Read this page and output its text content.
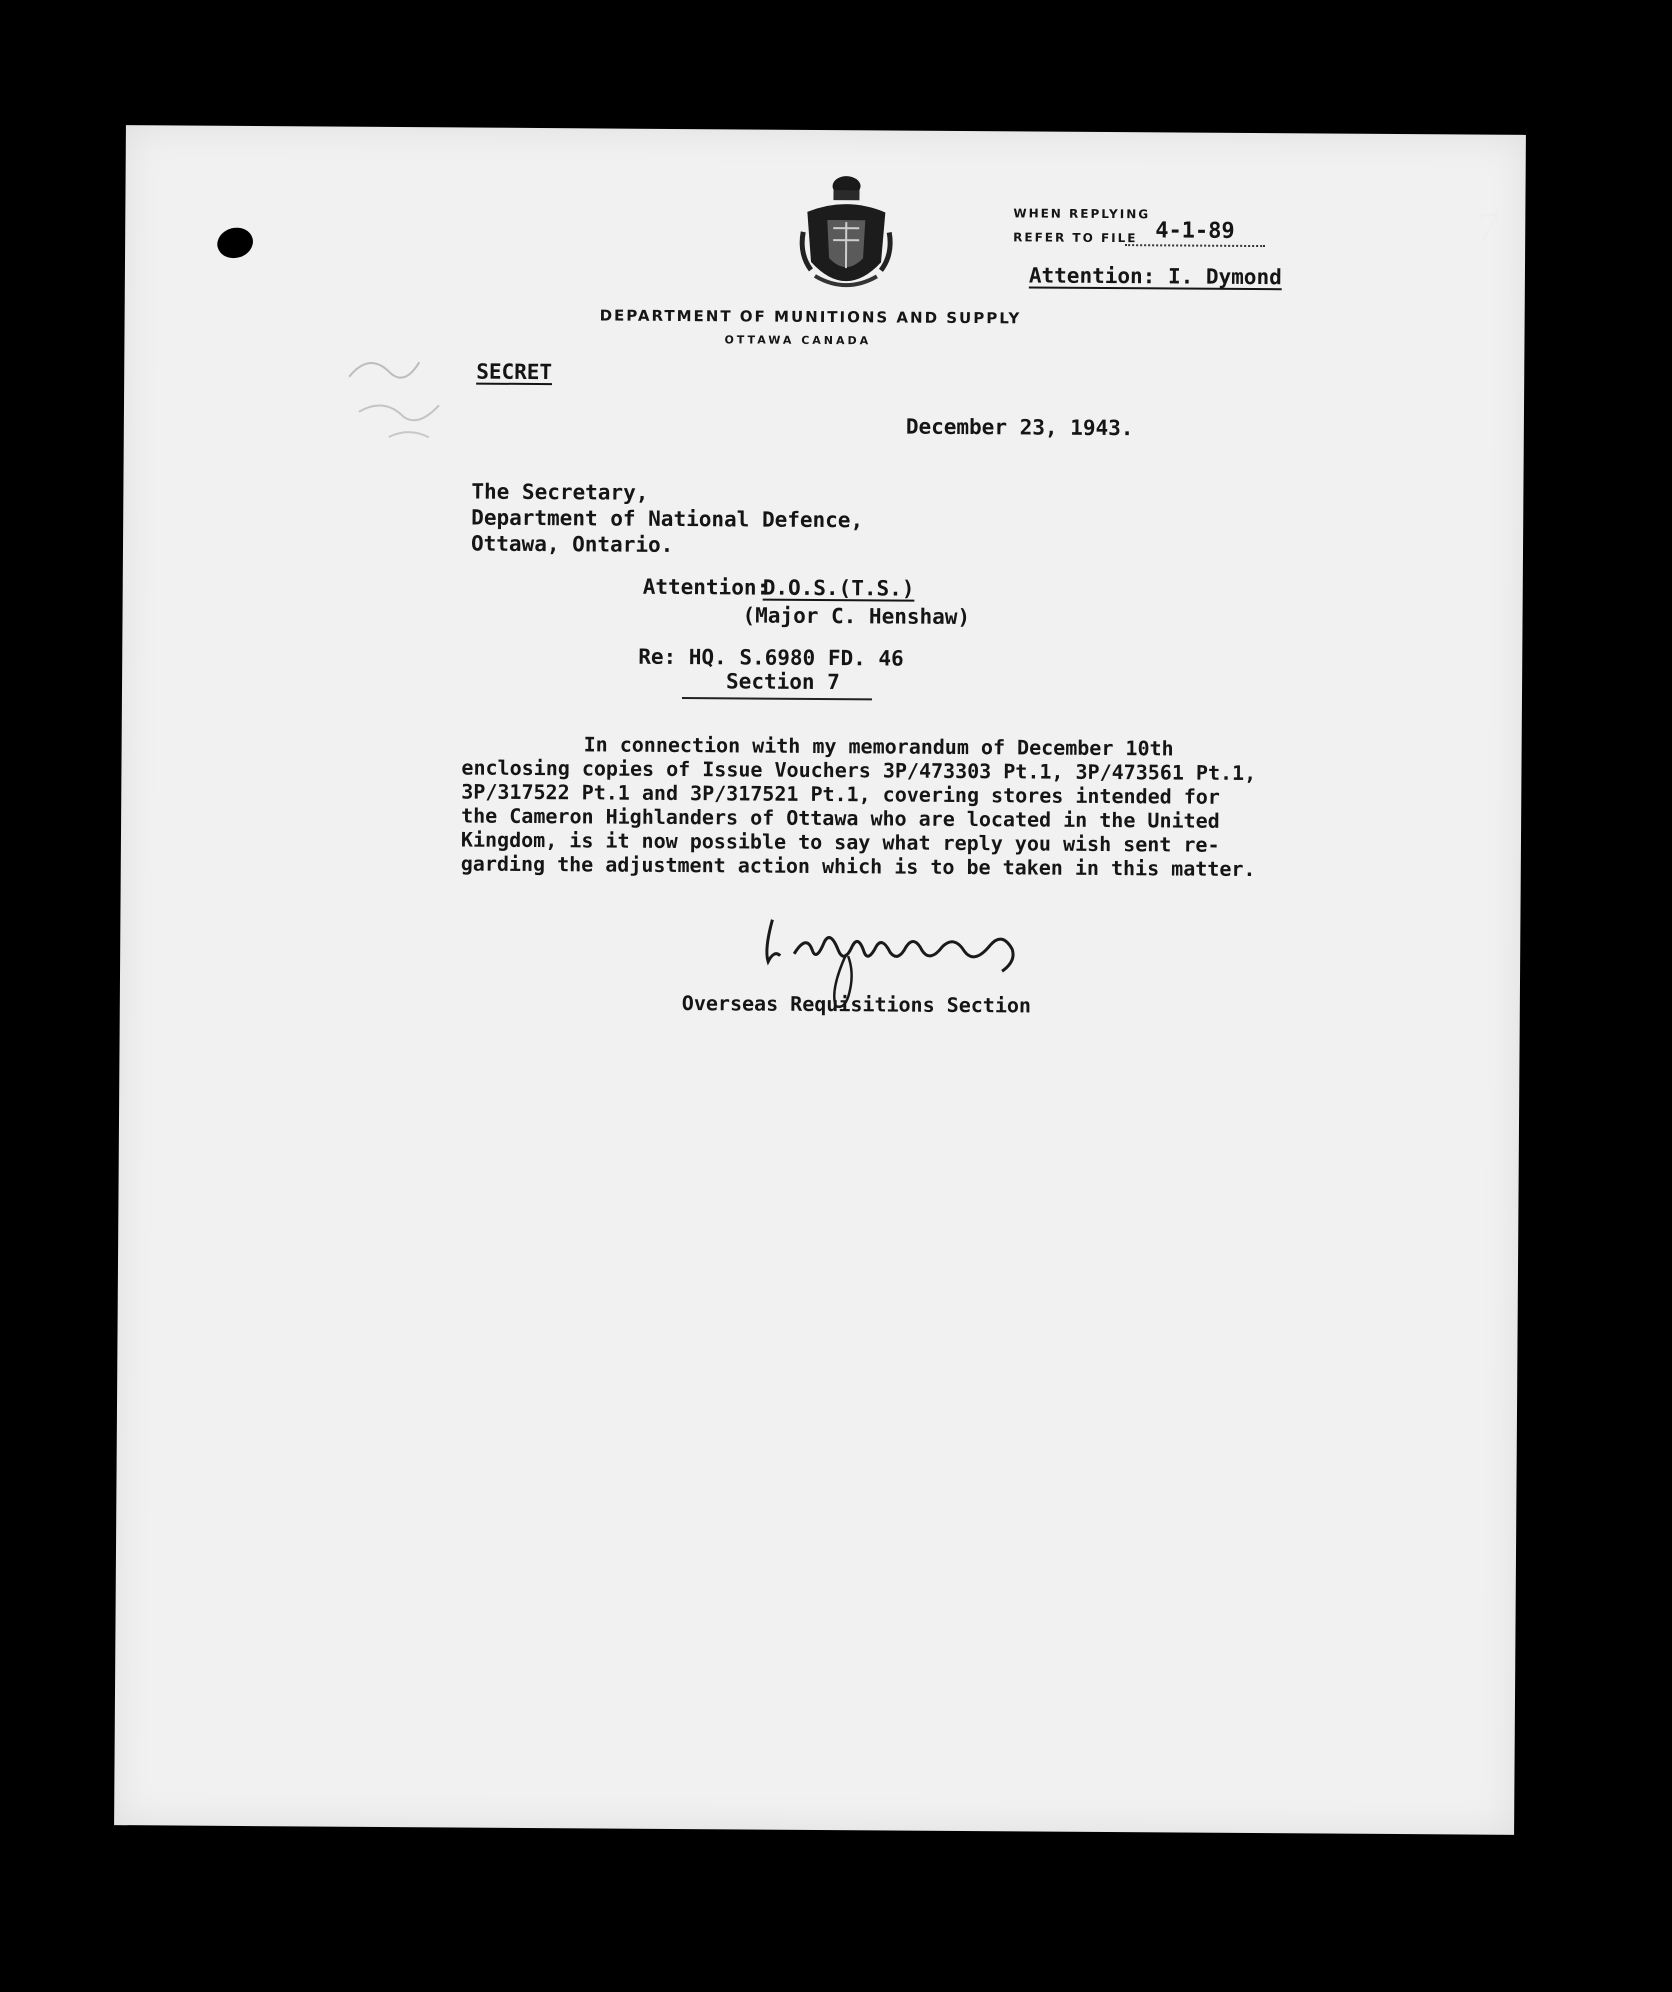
DEPARTMENT OF MUNITIONS AND SUPPLY
OTTAWA CANADA
WHEN REPLYING
REFER TO FILE 4-1-89
Attention: I. Dymond
SECRET
December 23, 1943.
The Secretary,
Department of National Defence,
Ottawa, Ontario.
Attention:
D.O.S.(T.S.)
(Major C. Henshaw)
Re: HQ. S.6980 FD. 46
Section 7
In connection with my memorandum of December 10th
enclosing copies of Issue Vouchers 3P/473303 Pt.1, 3P/473561 Pt.1,
3P/317522 Pt.1 and 3P/317521 Pt.1, covering stores intended for
the Cameron Highlanders of Ottawa who are located in the United
Kingdom, is it now possible to say what reply you wish sent re-
garding the adjustment action which is to be taken in this matter.
Overseas Requisitions Section
7
